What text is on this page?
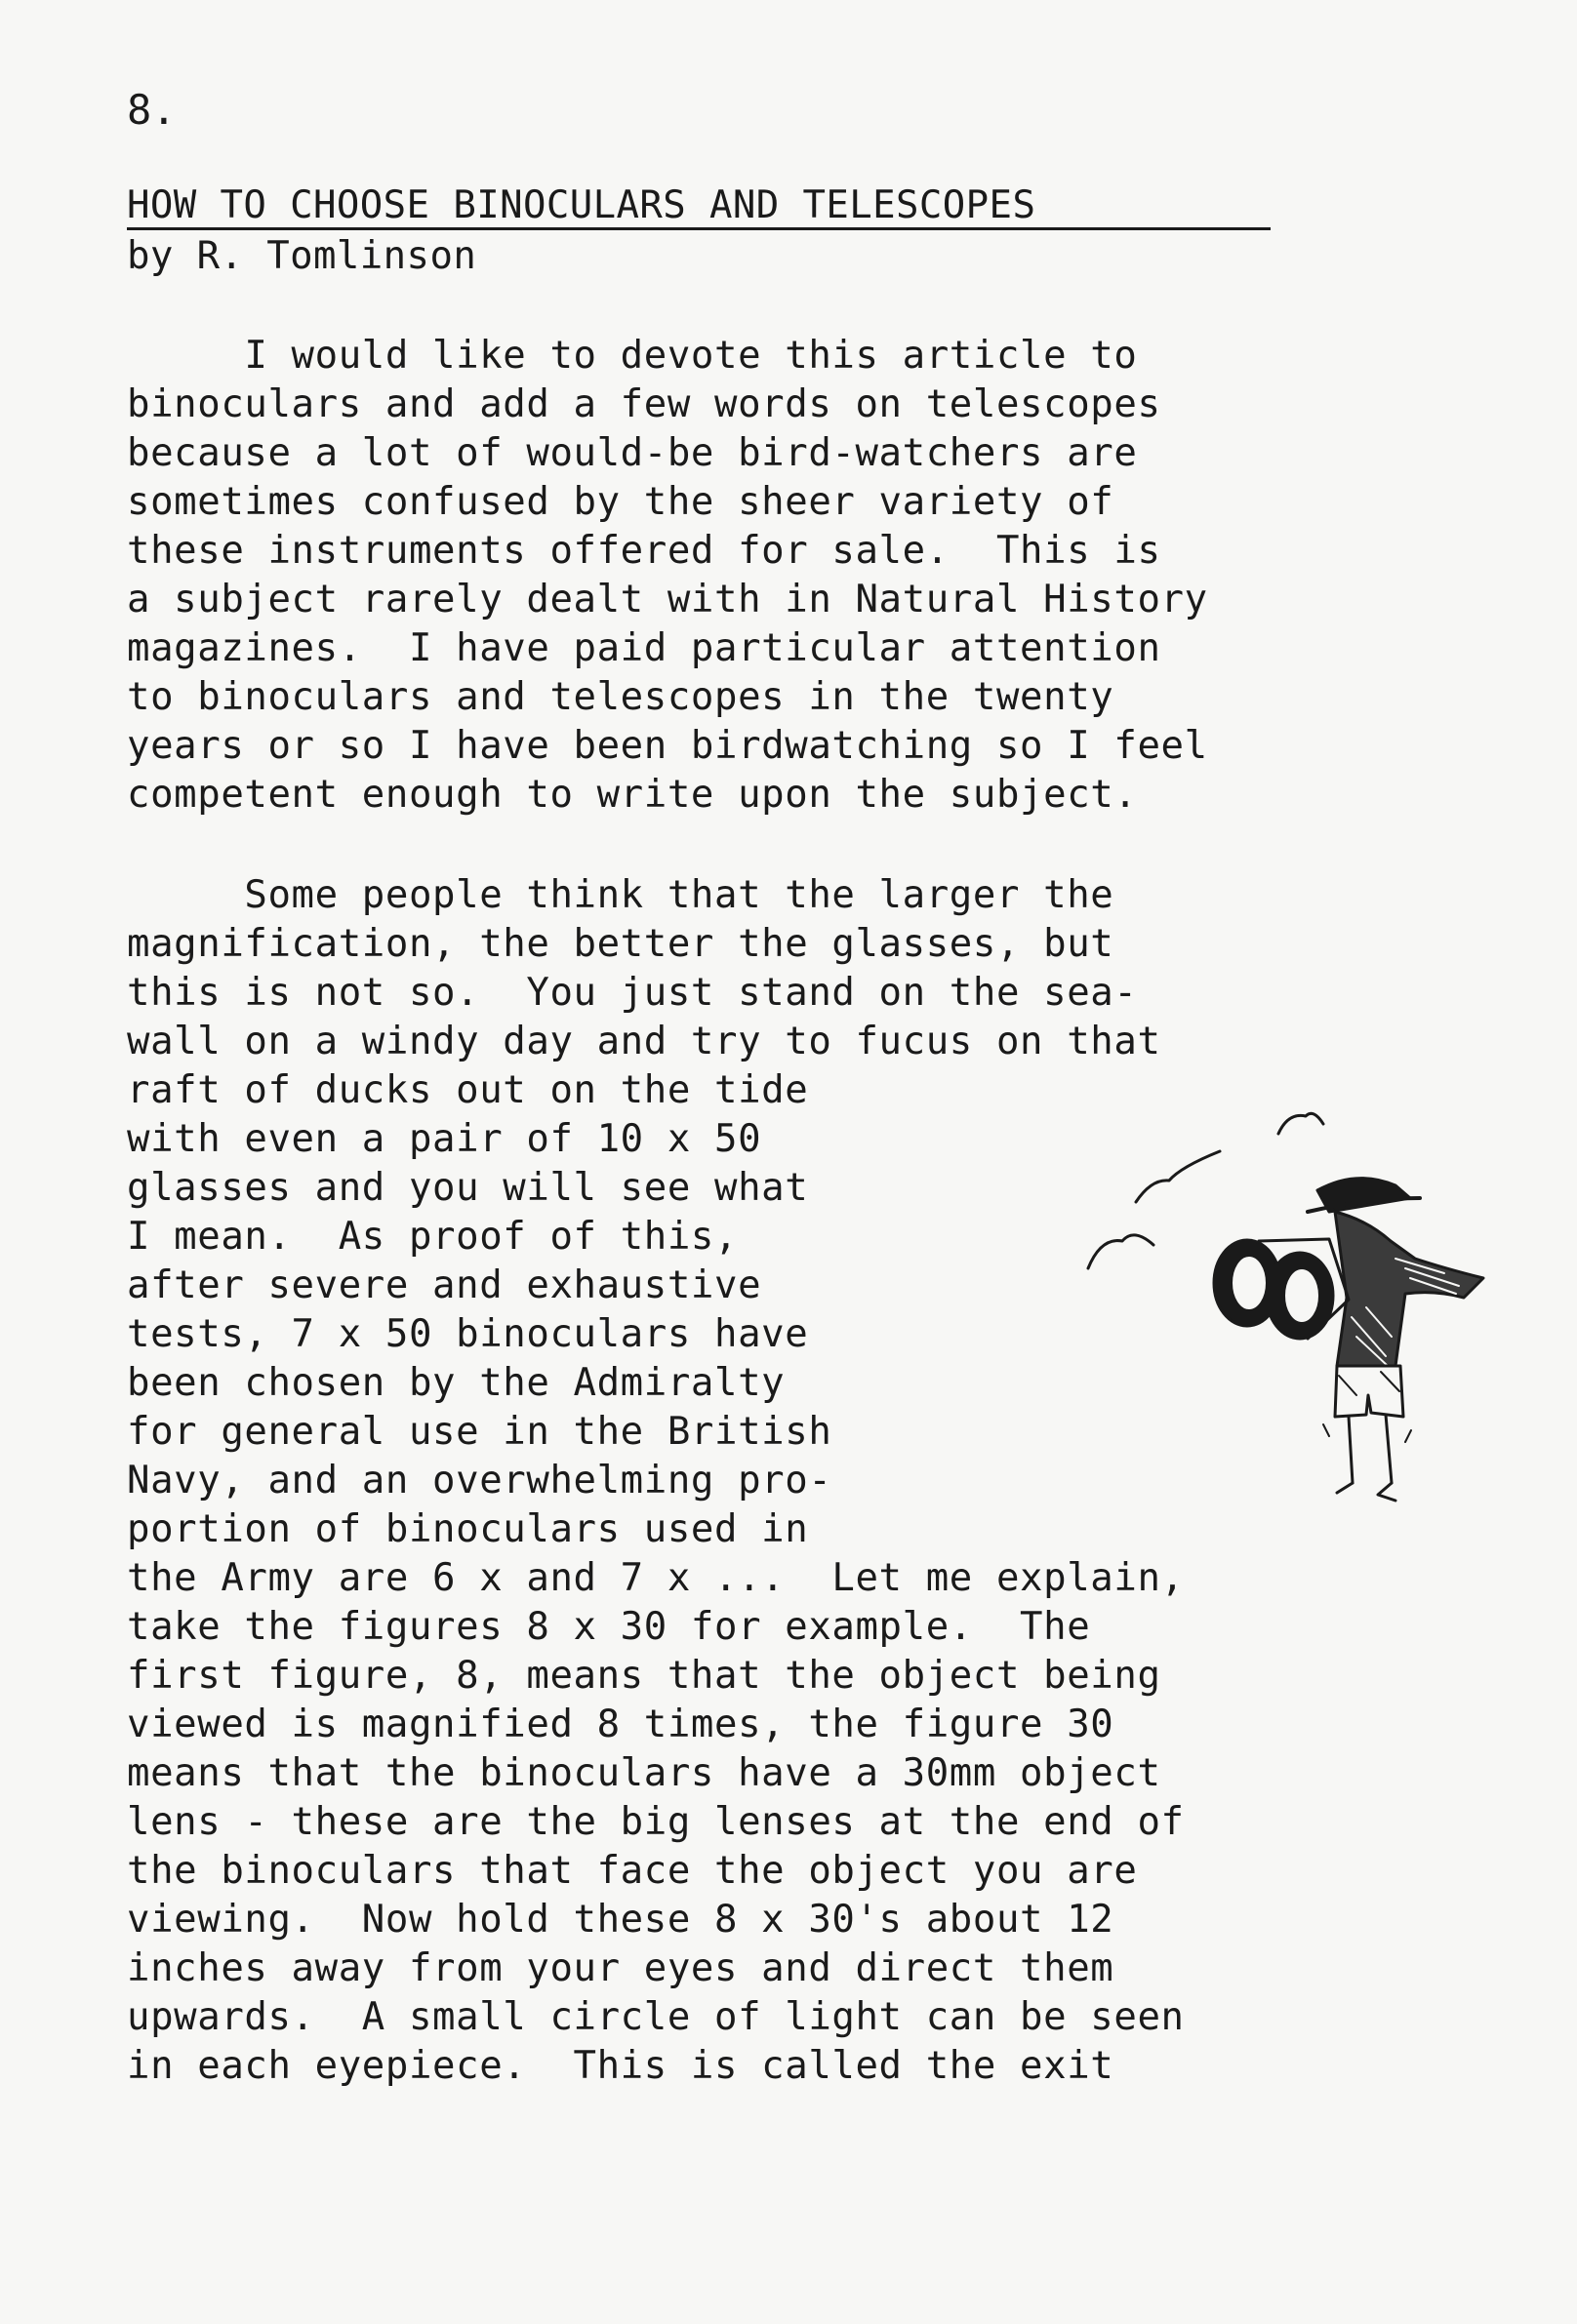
8.
HOW TO CHOOSE BINOCULARS AND TELESCOPES
by R. Tomlinson
I would like to devote this article to
binoculars and add a few words on telescopes
because a lot of would-be bird-watchers are
sometimes confused by the sheer variety of
these instruments offered for sale.  This is
a subject rarely dealt with in Natural History
magazines.  I have paid particular attention
to binoculars and telescopes in the twenty
years or so I have been birdwatching so I feel
competent enough to write upon the subject.
Some people think that the larger the
magnification, the better the glasses, but
this is not so.  You just stand on the sea-
wall on a windy day and try to fucus on that
raft of ducks out on the tide
with even a pair of 10 x 50
glasses and you will see what
I mean.  As proof of this,
after severe and exhaustive
tests, 7 x 50 binoculars have
been chosen by the Admiralty
for general use in the British
Navy, and an overwhelming pro-
portion of binoculars used in
the Army are 6 x and 7 x ...  Let me explain,
take the figures 8 x 30 for example.  The
first figure, 8, means that the object being
viewed is magnified 8 times, the figure 30
means that the binoculars have a 30mm object
lens - these are the big lenses at the end of
the binoculars that face the object you are
viewing.  Now hold these 8 x 30's about 12
inches away from your eyes and direct them
upwards.  A small circle of light can be seen
in each eyepiece.  This is called the exit
